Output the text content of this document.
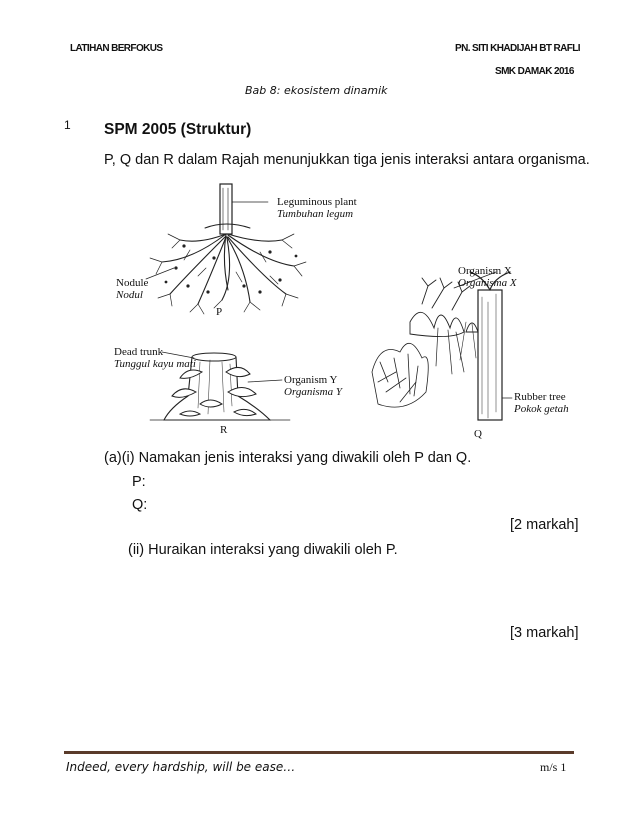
LATIHAN BERFOKUS	PN. SITI KHADIJAH BT RAFLI
SMK DAMAK 2016
Bab 8: ekosistem dinamik
1 SPM 2005 (Struktur)
P, Q dan R dalam Rajah menunjukkan tiga jenis interaksi antara organisma.
Leguminous plant
Tumbuhan legum
Nodule
Nodul
P
Organism X
Organisma X
Dead trunk
Tunggul kayu mati
Organism Y
Organisma Y
R
Rubber tree
Pokok getah
Q
(a)(i) Namakan jenis interaksi yang diwakili oleh P dan Q.
P:
Q:
[2 markah]
(ii) Huraikan interaksi yang diwakili oleh P.
[3 markah]
Indeed, every hardship, will be ease…	m/s 1
